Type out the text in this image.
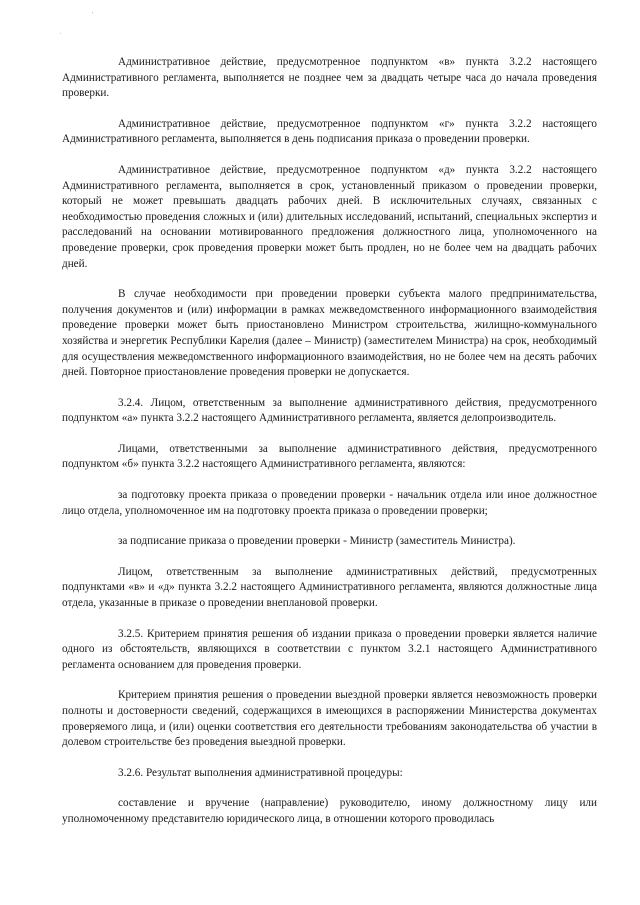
'
.

Административное действие, предусмотренное подпунктом «в» пункта 3.2.2 настоящего Административного регламента, выполняется не позднее чем за двадцать четыре часа до начала проведения проверки.

Административное действие, предусмотренное подпунктом «г» пункта 3.2.2 настоящего Административного регламента, выполняется в день подписания приказа о проведении проверки.

Административное действие, предусмотренное подпунктом «д» пункта 3.2.2 настоящего Административного регламента, выполняется в срок, установленный приказом о проведении проверки, который не может превышать двадцать рабочих дней. В исключительных случаях, связанных с необходимостью проведения сложных и (или) длительных исследований, испытаний, специальных экспертиз и расследований на основании мотивированного предложения должностного лица, уполномоченного на проведение проверки, срок проведения проверки может быть продлен, но не более чем на двадцать рабочих дней.

В случае необходимости при проведении проверки субъекта малого предпринимательства, получения документов и (или) информации в рамках межведомственного информационного взаимодействия проведение проверки может быть приостановлено Министром строительства, жилищно-коммунального хозяйства и энергетик Республики Карелия (далее – Министр) (заместителем Министра) на срок, необходимый для осуществления межведомственного информационного взаимодействия, но не более чем на десять рабочих дней. Повторное приостановление проведения проверки не допускается.

3.2.4. Лицом, ответственным за выполнение административного действия, предусмотренного подпунктом «а» пункта 3.2.2 настоящего Административного регламента, является делопроизводитель.

Лицами, ответственными за выполнение административного действия, предусмотренного подпунктом «б» пункта 3.2.2 настоящего Административного регламента, являются:

за подготовку проекта приказа о проведении проверки - начальник отдела или иное должностное лицо отдела, уполномоченное им на подготовку проекта приказа о проведении проверки;

за подписание приказа о проведении проверки - Министр (заместитель Министра).

Лицом, ответственным за выполнение административных действий, предусмотренных подпунктами «в» и «д» пункта 3.2.2 настоящего Административного регламента, являются должностные лица отдела, указанные в приказе о проведении внеплановой проверки.

3.2.5. Критерием принятия решения об издании приказа о проведении проверки является наличие одного из обстоятельств, являющихся в соответствии с пунктом 3.2.1 настоящего Административного регламента основанием для проведения проверки.

Критерием принятия решения о проведении выездной проверки является невозможность проверки полноты и достоверности сведений, содержащихся в имеющихся в распоряжении Министерства документах проверяемого лица, и (или) оценки соответствия его деятельности требованиям законодательства об участии в долевом строительстве без проведения выездной проверки.

3.2.6. Результат выполнения административной процедуры:

составление и вручение (направление) руководителю, иному должностному лицу или уполномоченному представителю юридического лица, в отношении которого проводилась
